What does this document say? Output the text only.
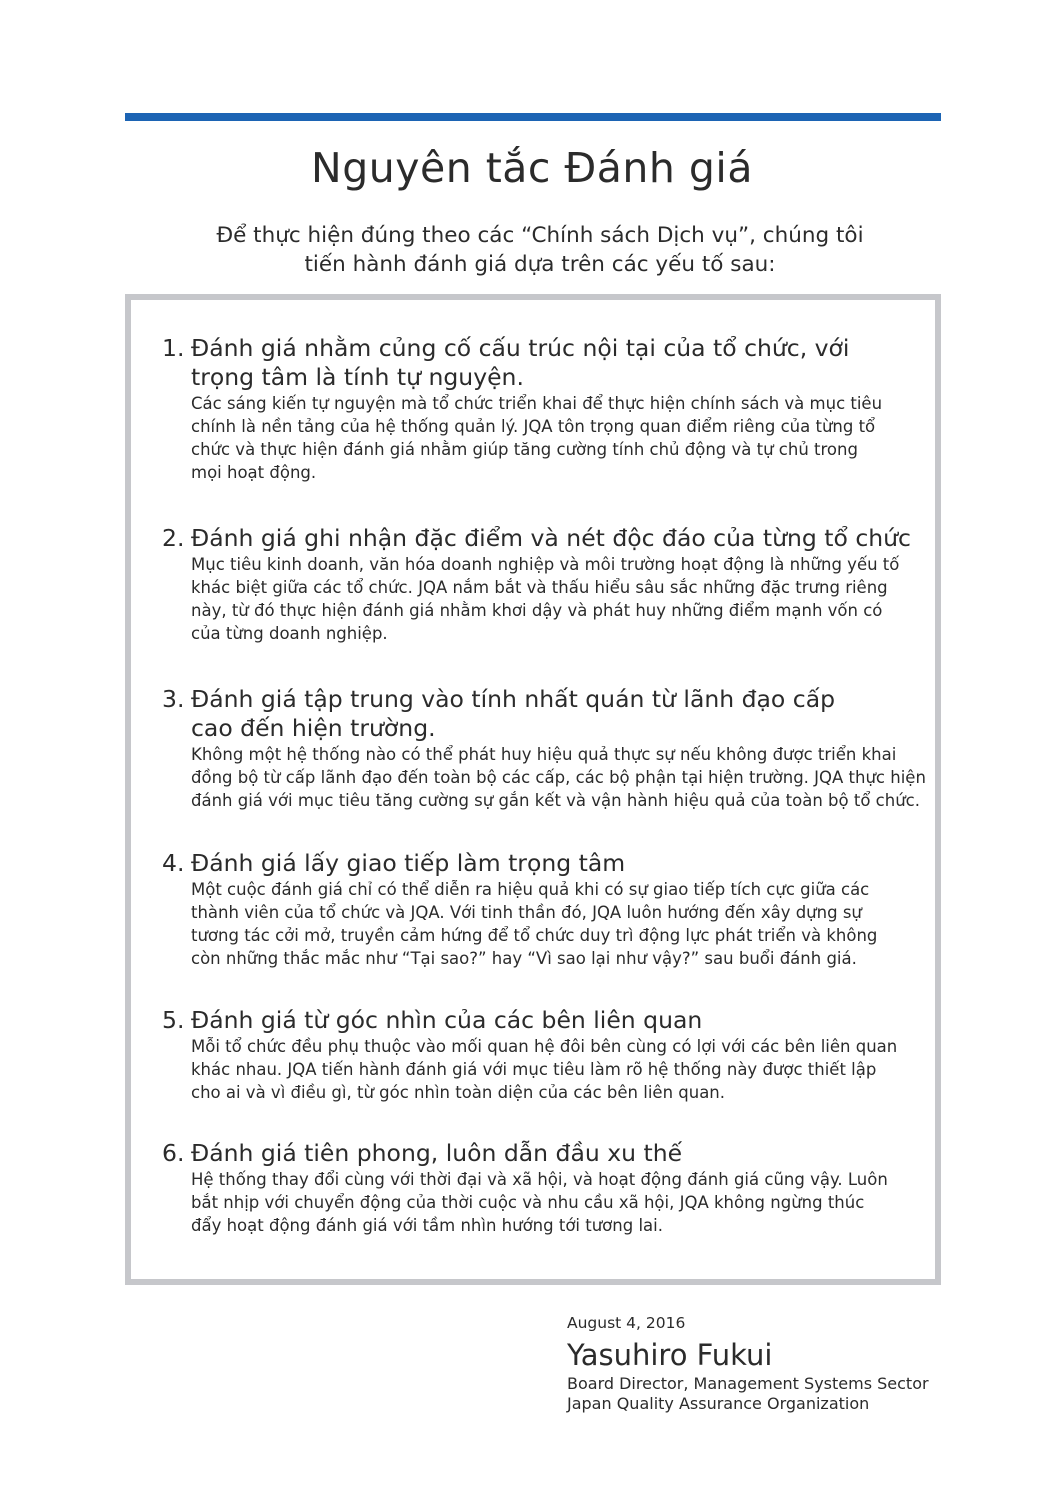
Nguyên tắc Đánh giá
Để thực hiện đúng theo các “Chính sách Dịch vụ”, chúng tôi
tiến hành đánh giá dựa trên các yếu tố sau:
1. Đánh giá nhằm củng cố cấu trúc nội tại của tổ chức, với trọng tâm là tính tự nguyện.
Các sáng kiến tự nguyện mà tổ chức triển khai để thực hiện chính sách và mục tiêu chính là nền tảng của hệ thống quản lý. JQA tôn trọng quan điểm riêng của từng tổ chức và thực hiện đánh giá nhằm giúp tăng cường tính chủ động và tự chủ trong mọi hoạt động.
2. Đánh giá ghi nhận đặc điểm và nét độc đáo của từng tổ chức
Mục tiêu kinh doanh, văn hóa doanh nghiệp và môi trường hoạt động là những yếu tố khác biệt giữa các tổ chức. JQA nắm bắt và thấu hiểu sâu sắc những đặc trưng riêng này, từ đó thực hiện đánh giá nhằm khơi dậy và phát huy những điểm mạnh vốn có của từng doanh nghiệp.
3. Đánh giá tập trung vào tính nhất quán từ lãnh đạo cấp cao đến hiện trường.
Không một hệ thống nào có thể phát huy hiệu quả thực sự nếu không được triển khai đồng bộ từ cấp lãnh đạo đến toàn bộ các cấp, các bộ phận tại hiện trường. JQA thực hiện đánh giá với mục tiêu tăng cường sự gắn kết và vận hành hiệu quả của toàn bộ tổ chức.
4. Đánh giá lấy giao tiếp làm trọng tâm
Một cuộc đánh giá chỉ có thể diễn ra hiệu quả khi có sự giao tiếp tích cực giữa các thành viên của tổ chức và JQA. Với tinh thần đó, JQA luôn hướng đến xây dựng sự tương tác cởi mở, truyền cảm hứng để tổ chức duy trì động lực phát triển và không còn những thắc mắc như “Tại sao?” hay “Vì sao lại như vậy?” sau buổi đánh giá.
5. Đánh giá từ góc nhìn của các bên liên quan
Mỗi tổ chức đều phụ thuộc vào mối quan hệ đôi bên cùng có lợi với các bên liên quan khác nhau. JQA tiến hành đánh giá với mục tiêu làm rõ hệ thống này được thiết lập cho ai và vì điều gì, từ góc nhìn toàn diện của các bên liên quan.
6. Đánh giá tiên phong, luôn dẫn đầu xu thế
Hệ thống thay đổi cùng với thời đại và xã hội, và hoạt động đánh giá cũng vậy. Luôn bắt nhịp với chuyển động của thời cuộc và nhu cầu xã hội, JQA không ngừng thúc đẩy hoạt động đánh giá với tầm nhìn hướng tới tương lai.
August 4, 2016
Yasuhiro Fukui
Board Director, Management Systems Sector
Japan Quality Assurance Organization
